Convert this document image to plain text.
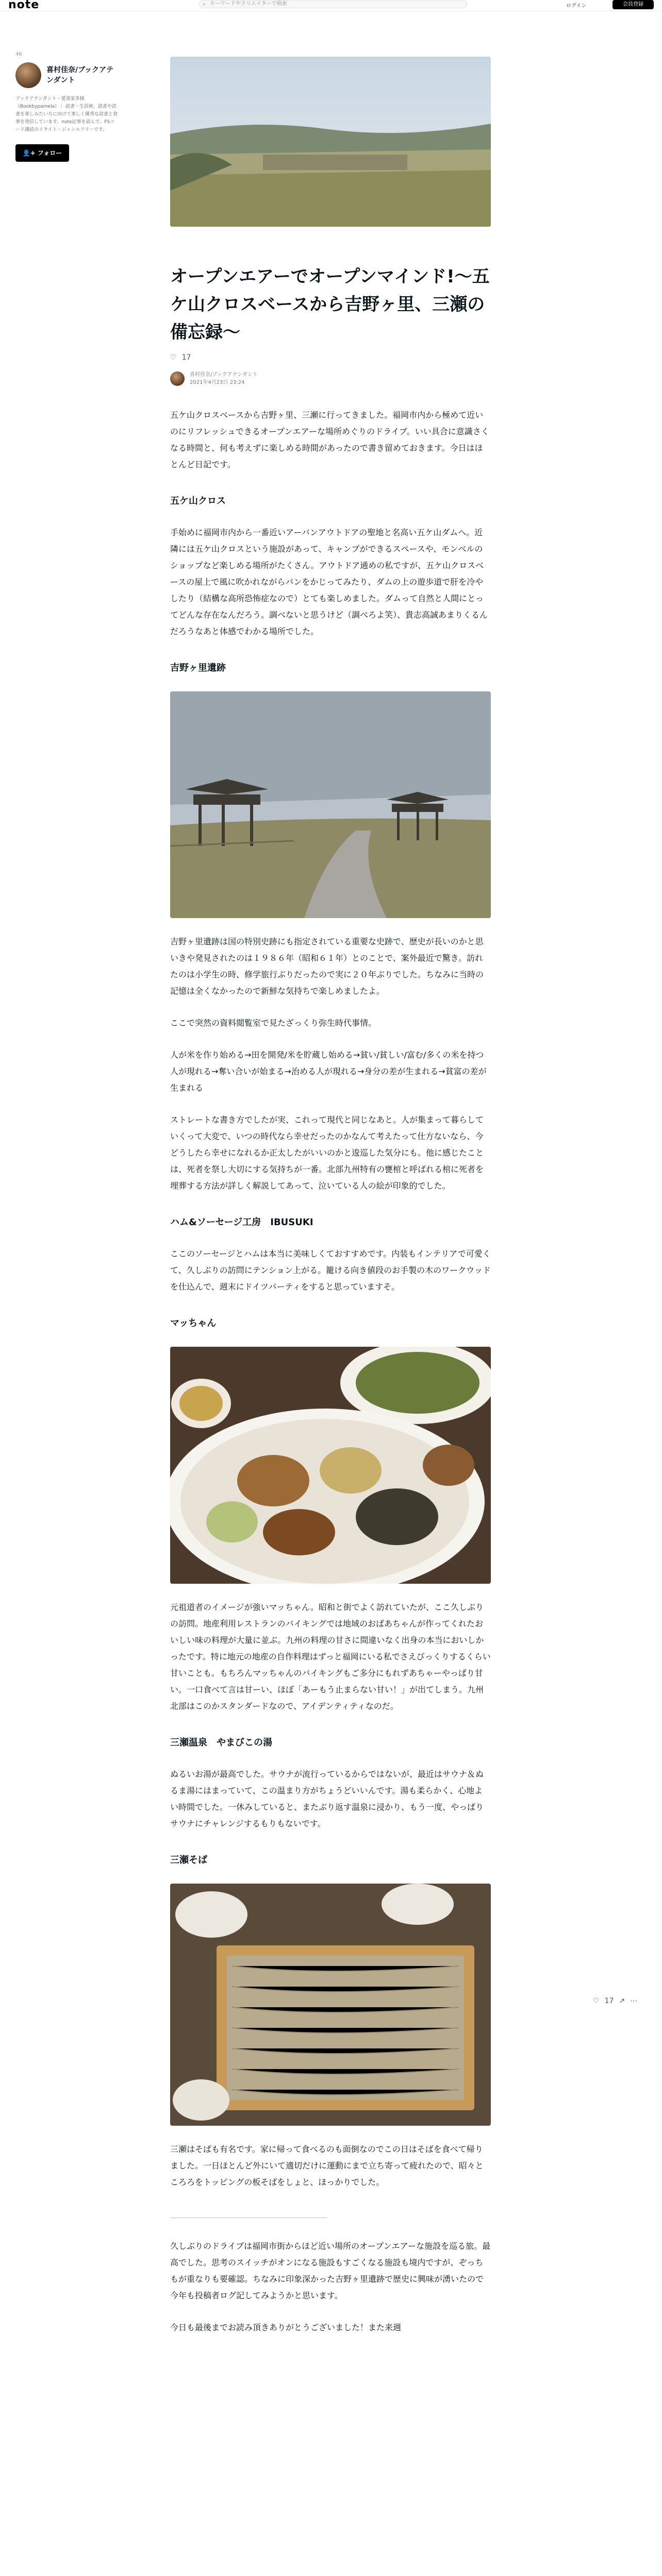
note	⌕ キーワードやクリエイターで検索	ログイン	会員登録
46
喜村佳奈/ブックアテンダント
ブックアテンダント・愛書家多様（Bookbypamela）｜ 読書・生活術、読書や読書を楽しみたい方に向けて楽しく優秀な読書と食事を発信しています。note記事を読んで、FSコード講読のリライト・ジャンルフリーです。
👤+ フォロー
オープンエアーでオープンマインド!〜五ケ山クロスベースから吉野ヶ里、三瀬の備忘録〜
♡ 17
喜村佳奈/ブックアテンダント
2021年4月23日 23:24

五ケ山クロスベースから吉野ヶ里、三瀬に行ってきました。福岡市内から極めて近いのにリフレッシュできるオープンエアーな場所めぐりのドライブ。いい具合に意識さくなる時間と、何も考えずに楽しめる時間があったので書き留めておきます。今日はほとんど日記です。

五ケ山クロス

手始めに福岡市内から一番近いアーバンアウトドアの聖地と名高い五ケ山ダムへ。近隣には五ケ山クロスという施設があって、キャンプができるスペースや、モンベルのショップなど楽しめる場所がたくさん。アウトドア通めの私ですが、五ケ山クロスベースの屋上で風に吹かれながらパンをかじってみたり、ダムの上の遊歩道で肝を冷やしたり（結構な高所恐怖症なので）とても楽しめました。ダムって自然と人間にとってどんな存在なんだろう。調べないと思うけど（調べろよ笑）、貴志高誠あまりくるんだろうなあと体感でわかる場所でした。

吉野ヶ里遺跡

吉野ヶ里遺跡は国の特別史跡にも指定されている重要な史跡で、歴史が長いのかと思いきや発見されたのは１９８６年（昭和６１年）とのことで、案外最近で驚き。訪れたのは小学生の時、修学旅行ぶりだったので実に２０年ぶりでした。ちなみに当時の記憶は全くなかったので新鮮な気持ちで楽しめましたよ。

ここで突然の資料閲覧室で見たざっくり弥生時代事情。

人が米を作り始める→田を開発/米を貯蔵し始める→貧い/貧しい/富む/多くの米を持つ人が現れる→奪い合いが始まる→治める人が現れる→身分の差が生まれる→貧富の差が生まれる

ストレートな書き方でしたが実、これって現代と同じなあと。人が集まって暮らしていくって大変で、いつの時代なら幸せだったのかなんて考えたって仕方ないなら、今どうしたら幸せになれるか正太したがいいのかと逡巡した気分にも。他に感じたことは、死者を祭し大切にする気持ちが一番。北部九州特有の甕棺と呼ばれる棺に死者を埋葬する方法が詳しく解説してあって、泣いている人の絵が印象的でした。

ハム&ソーセージ工房　IBUSUKI

ここのソーセージとハムは本当に美味しくておすすめです。内装もインテリアで可愛くて、久しぶりの訪問にテンション上がる。籠ける向き値段のお手製の木のワークウッドを仕込んで、週末にドイツパーティをすると思っていますそ。

マッちゃん

元祖道者のイメージが強いマッちゃん。昭和と街でよく訪れていたが、ここ久しぶりの訪問。地産利用レストランのバイキングでは地域のおばあちゃんが作ってくれたおいしい味の料理が大量に並ぶ。九州の料理の甘さに間違いなく出身の本当においしかったです。特に地元の地産の自作料理はずっと福岡にいる私でさえびっくりするくらい甘いことも。もちろんマッちゃんのバイキングもご多分にもれずあちゃーやっぱり甘い。一口食べて言は甘ーい、ほぼ「あーもう止まらない甘い！」が出てしまう。九州北部はこのかスタンダードなので、アイデンティティなのだ。

三瀬温泉　やまびこの湯

ぬるいお湯が最高でした。サウナが流行っているからではないが、最近はサウナ＆ぬるま湯にはまっていて、この温まり方がちょうどいいんです。湯も柔らかく、心地よい時間でした。一休みしていると、またぶり返す温泉に浸かり、もう一度、やっぱりサウナにチャレンジするもりもないです。

三瀬そば

三瀬はそばも有名です。家に帰って食べるのも面倒なのでこの日はそばを食べて帰りました。一日ほとんど外にいて適切だけに運動にまで立ち寄って疲れたので、昭々ところろをトッピングの板そばをしょと、ほっかりでした。

＿＿＿＿＿＿＿＿＿＿＿＿＿＿＿＿＿＿＿

久しぶりのドライブは福岡市街からほど近い場所のオープンエアーな施設を巡る旅。最高でした。思考のスイッチがオンになる施設もすごくなる施設も境内ですが、ぞっちもが重なりも要確認。ちなみに印象深かった吉野ヶ里遺跡で歴史に興味が湧いたので今年も投稿者ログ記してみようかと思います。

今日も最後までお読み頂きありがとうございました！また来週

♡ 17 ↗ ⋯
